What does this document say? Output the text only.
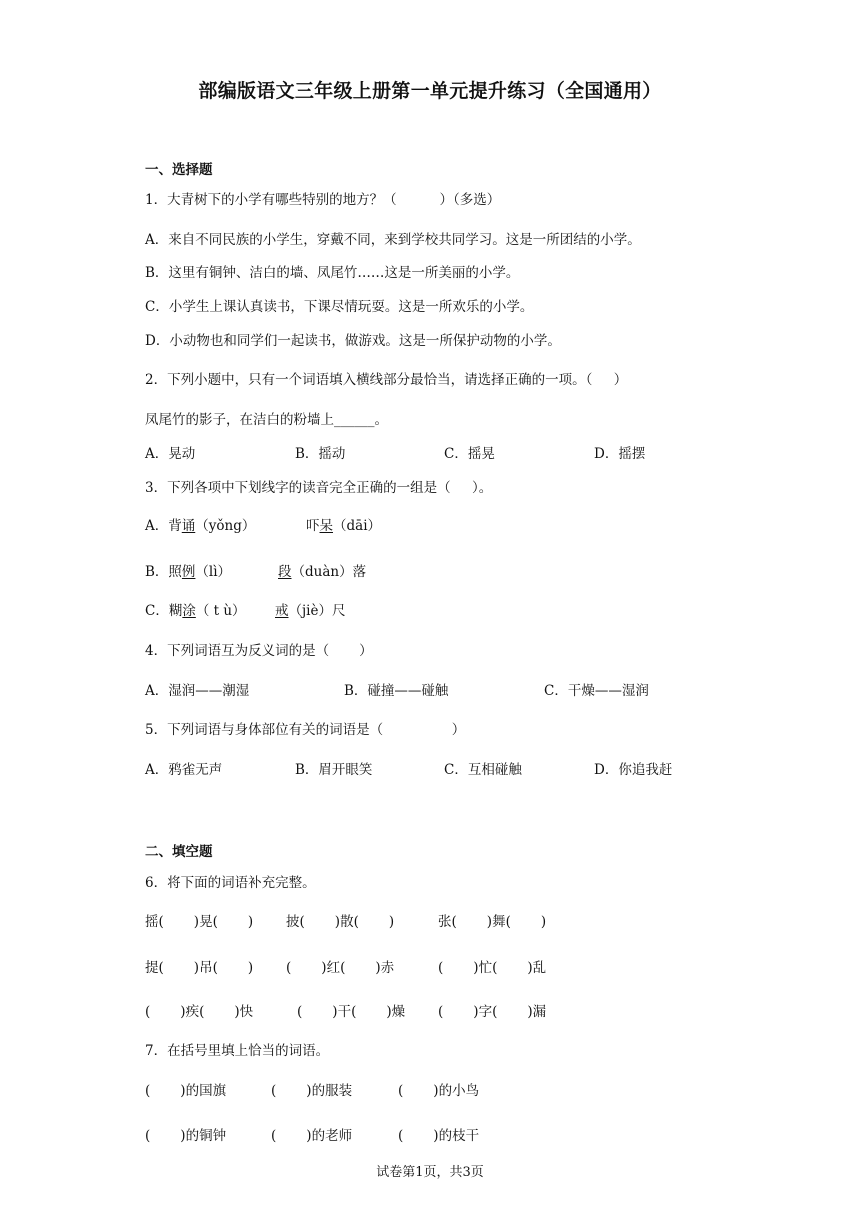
部编版语文三年级上册第一单元提升练习（全国通用）
一、选择题
1．大青树下的小学有哪些特别的地方？（          ）（多选）
A．来自不同民族的小学生，穿戴不同，来到学校共同学习。这是一所团结的小学。
B．这里有铜钟、洁白的墙、凤尾竹……这是一所美丽的小学。
C．小学生上课认真读书，下课尽情玩耍。这是一所欢乐的小学。
D．小动物也和同学们一起读书，做游戏。这是一所保护动物的小学。
2．下列小题中，只有一个词语填入横线部分最恰当，请选择正确的一项。（     ）
凤尾竹的影子，在洁白的粉墙上______。
A．晃动	B．摇动	C．摇晃	D．摇摆
3．下列各项中下划线字的读音完全正确的一组是（     ）。
A．背诵（yǒng）	吓呆（dāi）
B．照例（lì）	段（duàn）落
C．糊涂（ t ù） 戒（jiè）尺
4．下列词语互为反义词的是（       ）
A．湿润——潮湿	B．碰撞——碰触	C．干燥——湿润
5．下列词语与身体部位有关的词语是（                ）
A．鸦雀无声	B．眉开眼笑	C．互相碰触	D．你追我赶
二、填空题
6．将下面的词语补充完整。
摇(       )晃(       ) 披(       )散(       )	张(       )舞(       )
提(       )吊(       ) (       )红(       )赤	(       )忙(       )乱
(       )疾(       )快	(       )干(       )燥 (       )字(       )漏
7．在括号里填上恰当的词语。
(       )的国旗	(       )的服装	(       )的小鸟
(       )的铜钟	(       )的老师	(       )的枝干
试卷第1页，共3页
